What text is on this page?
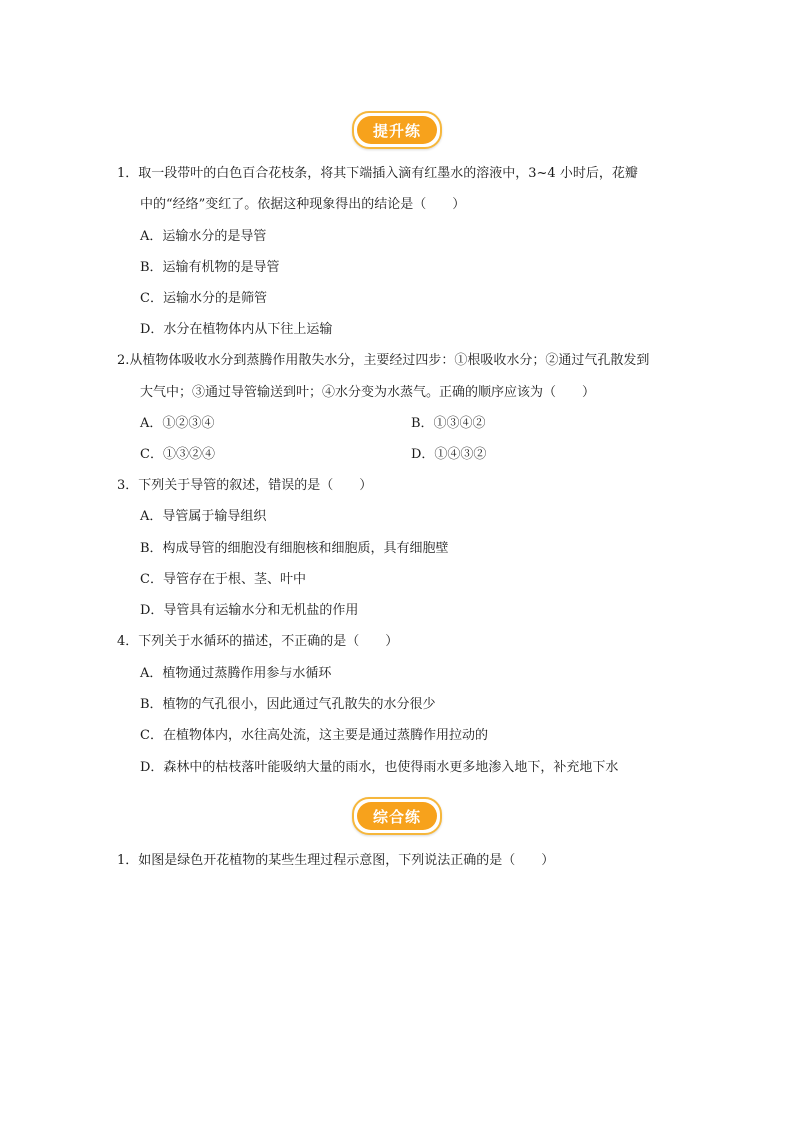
提升练
1．取一段带叶的白色百合花枝条，将其下端插入滴有红墨水的溶液中，3~4 小时后，花瓣
中的“经络”变红了。依据这种现象得出的结论是（　　）
A．运输水分的是导管
B．运输有机物的是导管
C．运输水分的是筛管
D．水分在植物体内从下往上运输
2.从植物体吸收水分到蒸腾作用散失水分，主要经过四步：①根吸收水分；②通过气孔散发到
大气中；③通过导管输送到叶；④水分变为水蒸气。正确的顺序应该为（　　）
A．①②③④	B．①③④②
C．①③②④	D．①④③②
3．下列关于导管的叙述，错误的是（　　）
A．导管属于输导组织
B．构成导管的细胞没有细胞核和细胞质，具有细胞壁
C．导管存在于根、茎、叶中
D．导管具有运输水分和无机盐的作用
4．下列关于水循环的描述，不正确的是（　　）
A．植物通过蒸腾作用参与水循环
B．植物的气孔很小，因此通过气孔散失的水分很少
C．在植物体内，水往高处流，这主要是通过蒸腾作用拉动的
D．森林中的枯枝落叶能吸纳大量的雨水，也使得雨水更多地渗入地下，补充地下水
综合练
1．如图是绿色开花植物的某些生理过程示意图，下列说法正确的是（　　）
